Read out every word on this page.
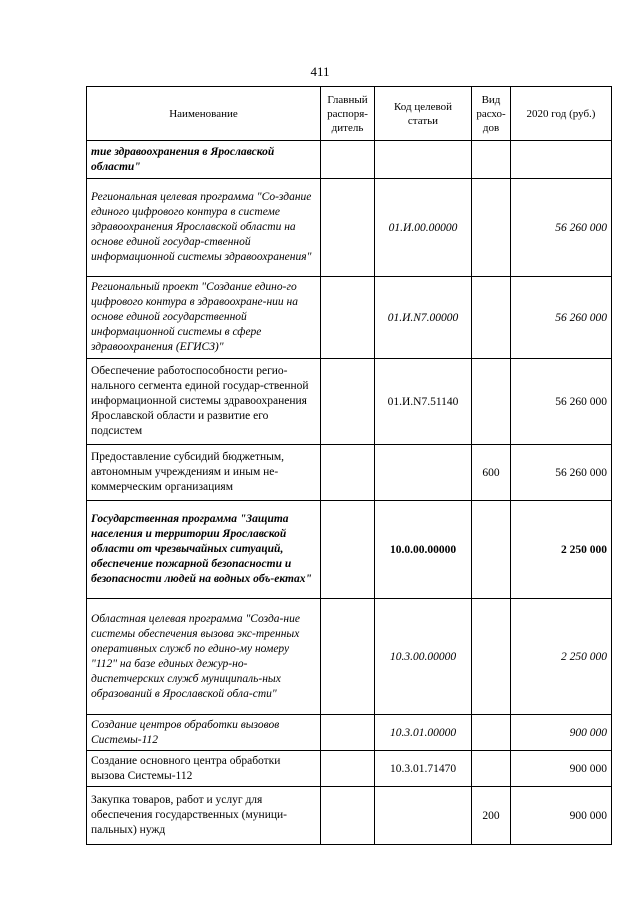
411
Наименование	Главный распоря-дитель	Код целевой статьи	Вид расхо-дов	2020 год (руб.)
тие здравоохранения в Ярославской области"				
Региональная целевая программа "Со-здание единого цифрового контура в системе здравоохранения Ярославской области на основе единой государ-ственной информационной системы здравоохранения"		01.И.00.00000		56 260 000
Региональный проект "Создание едино-го цифрового контура в здравоохране-нии на основе единой государственной информационной системы в сфере здравоохранения (ЕГИСЗ)"		01.И.N7.00000		56 260 000
Обеспечение работоспособности регио-нального сегмента единой государ-ственной информационной системы здравоохранения Ярославской области и развитие его подсистем		01.И.N7.51140		56 260 000
Предоставление субсидий бюджетным, автономным учреждениям и иным не-коммерческим организациям			600	56 260 000
Государственная программа "Защита населения и территории Ярославской области от чрезвычайных ситуаций, обеспечение пожарной безопасности и безопасности людей на водных объ-ектах"		10.0.00.00000		2 250 000
Областная целевая программа "Созда-ние системы обеспечения вызова экс-тренных оперативных служб по едино-му номеру "112" на базе единых дежур-но-диспетчерских служб муниципаль-ных образований в Ярославской обла-сти"		10.3.00.00000		2 250 000
Создание центров обработки вызовов Системы-112		10.3.01.00000		900 000
Создание основного центра обработки вызова Системы-112		10.3.01.71470		900 000
Закупка товаров, работ и услуг для обеспечения государственных (муници-пальных) нужд			200	900 000
